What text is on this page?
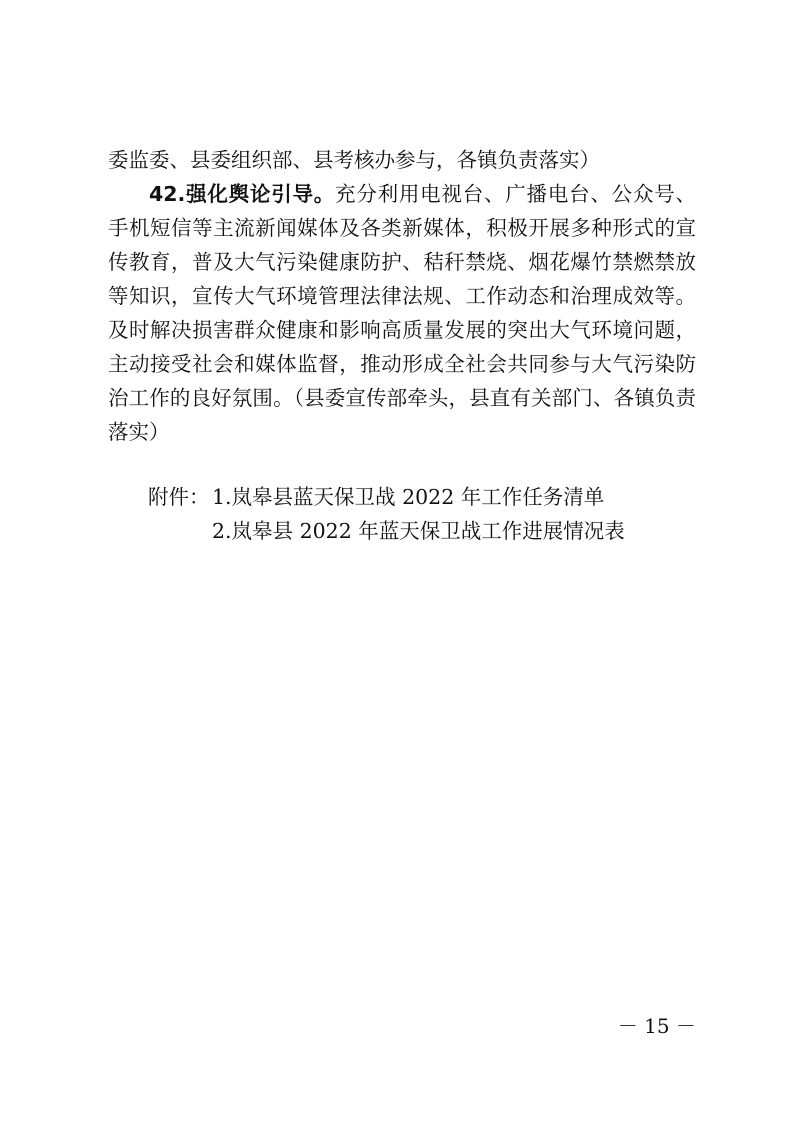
委监委、县委组织部、县考核办参与，各镇负责落实）

42.强化舆论引导。充分利用电视台、广播电台、公众号、手机短信等主流新闻媒体及各类新媒体，积极开展多种形式的宣传教育，普及大气污染健康防护、秸秆禁烧、烟花爆竹禁燃禁放等知识，宣传大气环境管理法律法规、工作动态和治理成效等。及时解决损害群众健康和影响高质量发展的突出大气环境问题，主动接受社会和媒体监督，推动形成全社会共同参与大气污染防治工作的良好氛围。（县委宣传部牵头，县直有关部门、各镇负责落实）

附件： 1.岚皋县蓝天保卫战 2022 年工作任务清单
2.岚皋县 2022 年蓝天保卫战工作进展情况表
－ 15 －
